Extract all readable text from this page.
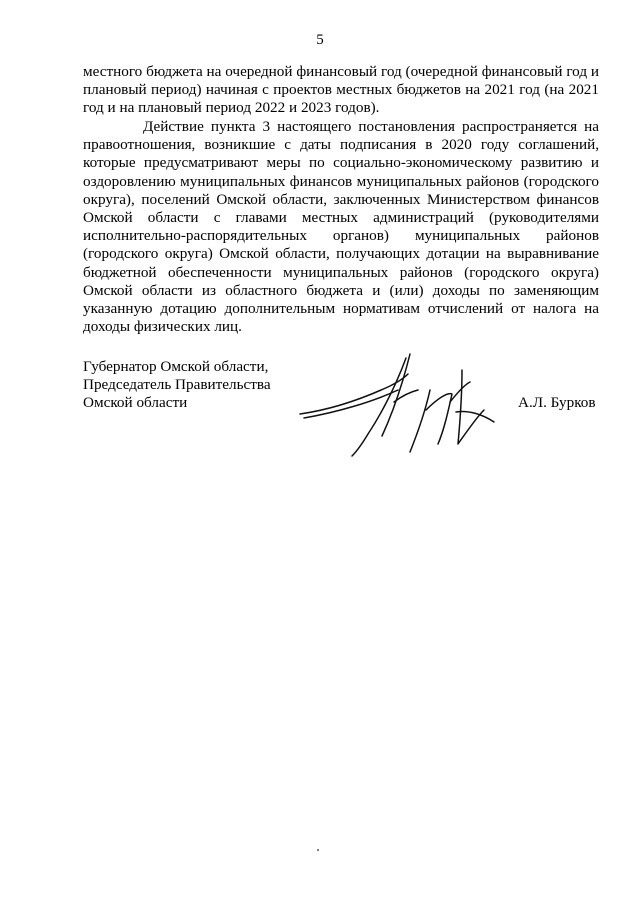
5

местного бюджета на очередной финансовый год (очередной финансовый год и плановый период) начиная с проектов местных бюджетов на 2021 год (на 2021 год и на плановый период 2022 и 2023 годов).

Действие пункта 3 настоящего постановления распространяется на правоотношения, возникшие с даты подписания в 2020 году соглашений, которые предусматривают меры по социально-экономическому развитию и оздоровлению муниципальных финансов муниципальных районов (городского округа), поселений Омской области, заключенных Министерством финансов Омской области с главами местных администраций (руководителями исполнительно-распорядительных органов) муниципальных районов (городского округа) Омской области, получающих дотации на выравнивание бюджетной обеспеченности муниципальных районов (городского округа) Омской области из областного бюджета и (или) доходы по заменяющим указанную дотацию дополнительным нормативам отчислений от налога на доходы физических лиц.

Губернатор Омской области,
Председатель Правительства
Омской области	А.Л. Бурков
